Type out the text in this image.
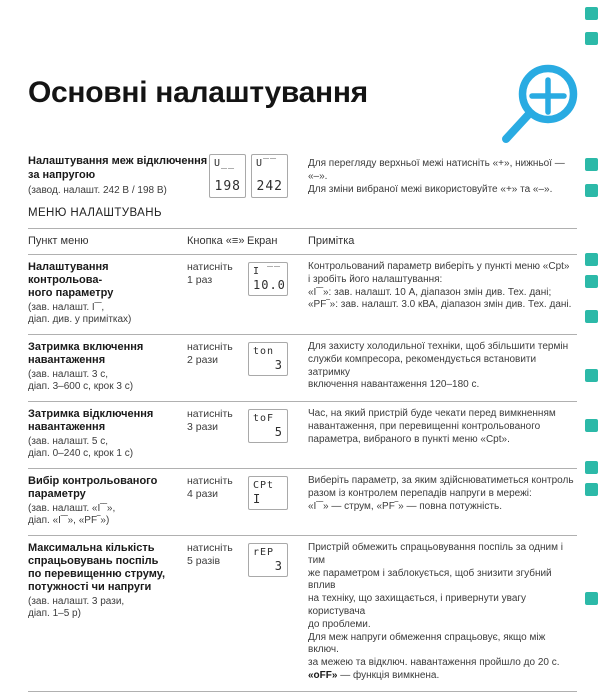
Основні налаштування
Налаштування меж відключення
за напругою
(завод. налашт. 242 В / 198 В)
U__
198
U‾‾
242
Для перегляду верхньої межі натисніть «+», нижньої — «–».
Для зміни вибраної межі використовуйте «+» та «–».
МЕНЮ НАЛАШТУВАНЬ
Пункт меню	Кнопка «≡» Екран	Примітка
Налаштування контрольова-
ного параметру
(зав. налашт. I‾‾,
діап. див. у примітках)
натисніть
1 раз
I ‾‾
10.0
Контрольований параметр виберіть у пункті меню «Cpt»
і зробіть його налаштування:
«I‾‾»: зав. налашт. 10 А, діапазон змін див. Тех. дані;
«PF‾»: зав. налашт. 3.0 кВА, діапазон змін див. Тех. дані.
Затримка включення
навантаження
(зав. налашт. 3 с,
діап. 3–600 с, крок 3 с)
натисніть
2 рази
ton
3
Для захисту холодильної техніки, щоб збільшити термін
служби компресора, рекомендується встановити затримку
включення навантаження 120–180 с.
Затримка відключення
навантаження
(зав. налашт. 5 с,
діап. 0–240 с, крок 1 с)
натисніть
3 рази
toF
5
Час, на який пристрій буде чекати перед вимкненням
навантаження, при перевищенні контрольованого
параметра, вибраного в пункті меню «Cpt».
Вибір контрольованого
параметру
(зав. налашт. «I‾‾»,
діап. «I‾‾», «PF‾»)
натисніть
4 рази
CPt
I
Виберіть параметр, за яким здійснюватиметься контроль
разом із контролем перепадів напруги в мережі:
«I‾‾» — струм, «PF‾» — повна потужність.
Максимальна кількість
спрацьовувань поспіль
по перевищенню струму,
потужності чи напруги
(зав. налашт. 3 рази,
діап. 1–5 р)
натисніть
5 разів
rEP
3
Пристрій обмежить спрацьовування поспіль за одним і тим
же параметром і заблокується, щоб знизити згубний вплив
на техніку, що захищається, і привернути увагу користувача
до проблеми.
Для меж напруги обмеження спрацьовує, якщо між включ.
за межею та відключ. навантаження пройшло до 20 с.
«оFF» — функція вимкнена.
